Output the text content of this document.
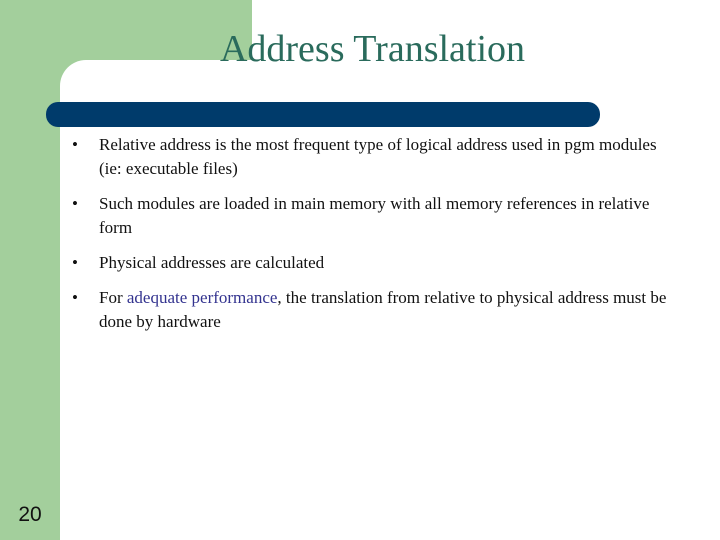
Address Translation
• Relative address is the most frequent type of logical address used in pgm modules (ie: executable files)
• Such modules are loaded in main memory with all memory references in relative form
• Physical addresses are calculated
• For adequate performance, the translation from relative to physical address must be done by hardware
20
